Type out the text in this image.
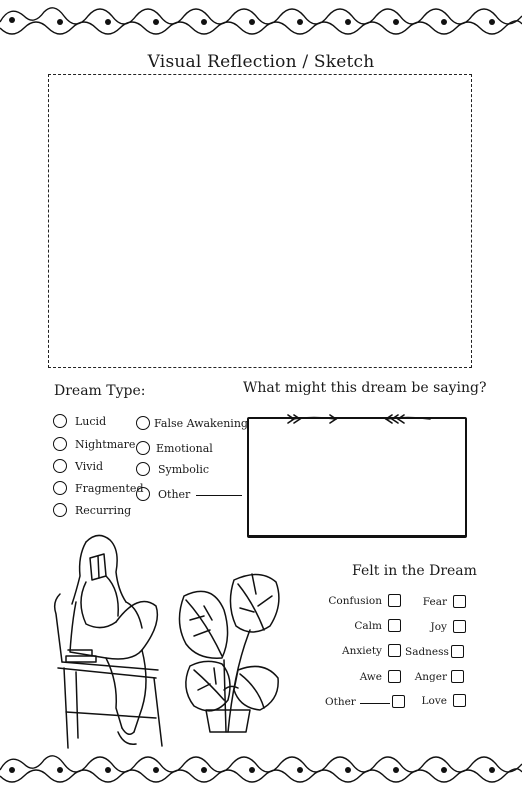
Visual Reflection / Sketch
Dream Type:
Lucid
Nightmare
Vivid
Fragmented
Recurring
False Awakening
Emotional
Symbolic
Other
What might this dream be saying?
Felt in the Dream
Confusion
Calm
Anxiety
Awe
Other
Fear
Joy
Sadness
Anger
Love
